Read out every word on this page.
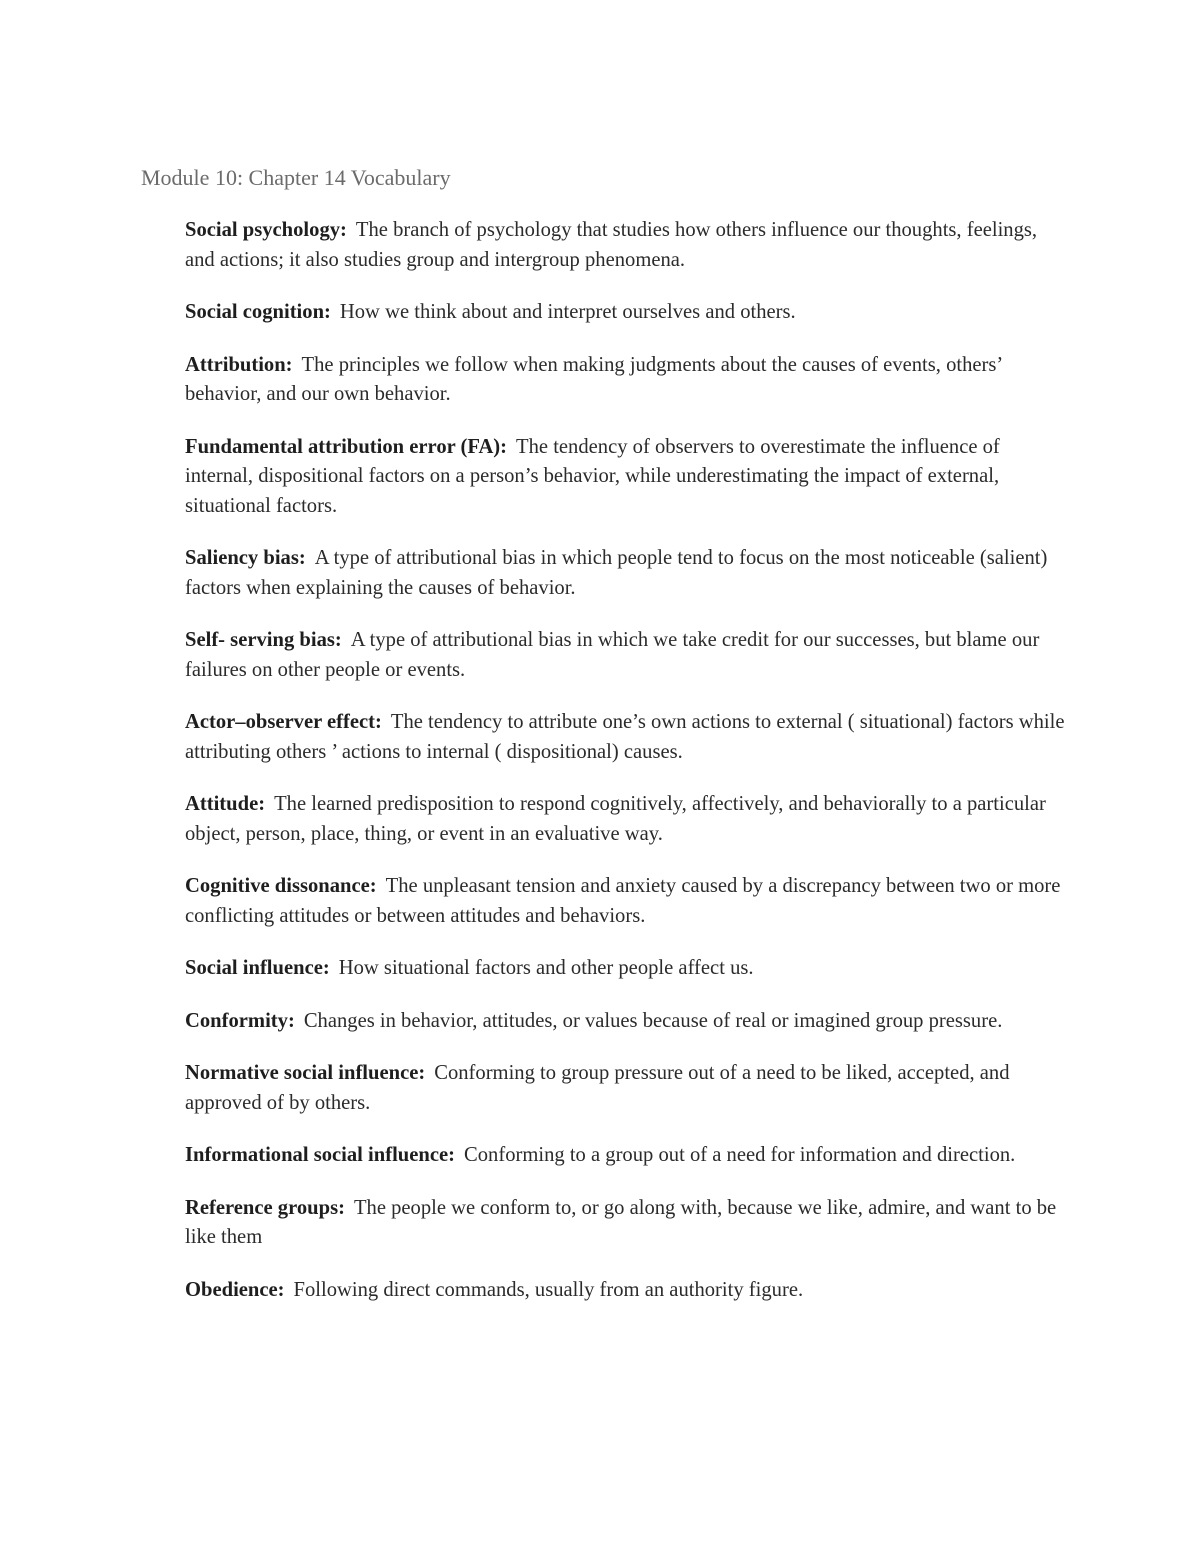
Module 10: Chapter 14 Vocabulary

Social psychology: The branch of psychology that studies how others influence our thoughts, feelings, and actions; it also studies group and intergroup phenomena.

Social cognition: How we think about and interpret ourselves and others.

Attribution: The principles we follow when making judgments about the causes of events, others’ behavior, and our own behavior.

Fundamental attribution error (FA): The tendency of observers to overestimate the influence of internal, dispositional factors on a person’s behavior, while underestimating the impact of external, situational factors.

Saliency bias: A type of attributional bias in which people tend to focus on the most noticeable (salient) factors when explaining the causes of behavior.

Self- serving bias: A type of attributional bias in which we take credit for our successes, but blame our failures on other people or events.

Actor–observer effect: The tendency to attribute one’s own actions to external ( situational) factors while attributing others ’ actions to internal ( dispositional) causes.

Attitude: The learned predisposition to respond cognitively, affectively, and behaviorally to a particular object, person, place, thing, or event in an evaluative way.

Cognitive dissonance: The unpleasant tension and anxiety caused by a discrepancy between two or more conflicting attitudes or between attitudes and behaviors.

Social influence: How situational factors and other people affect us.

Conformity: Changes in behavior, attitudes, or values because of real or imagined group pressure.

Normative social influence: Conforming to group pressure out of a need to be liked, accepted, and approved of by others.

Informational social influence: Conforming to a group out of a need for information and direction.

Reference groups: The people we conform to, or go along with, because we like, admire, and want to be like them

Obedience: Following direct commands, usually from an authority figure.
